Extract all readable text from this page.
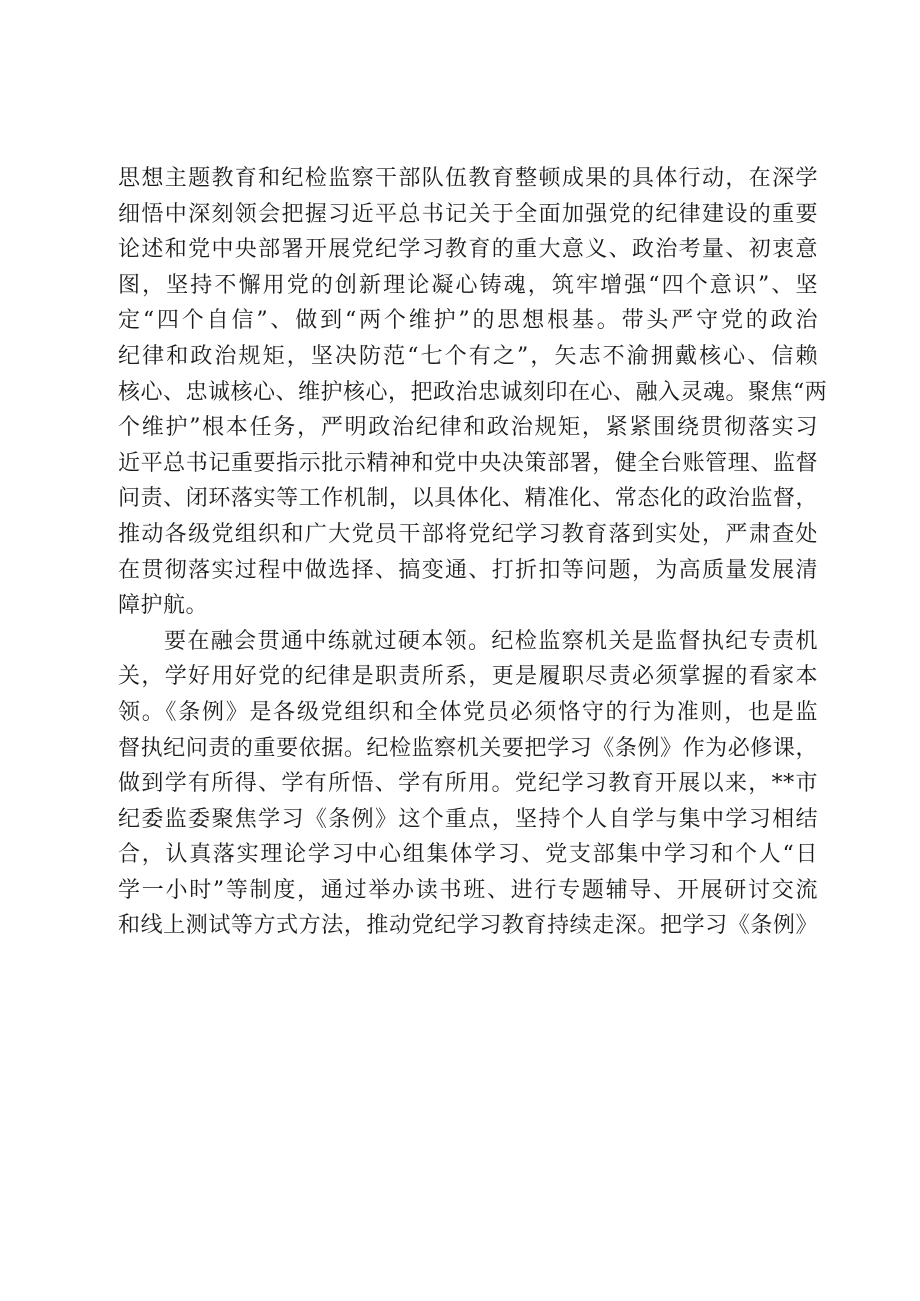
思想主题教育和纪检监察干部队伍教育整顿成果的具体行动，在深学
细悟中深刻领会把握习近平总书记关于全面加强党的纪律建设的重要
论述和党中央部署开展党纪学习教育的重大意义、政治考量、初衷意
图，坚持不懈用党的创新理论凝心铸魂，筑牢增强“四个意识”、坚
定“四个自信”、做到“两个维护”的思想根基。带头严守党的政治
纪律和政治规矩，坚决防范“七个有之”，矢志不渝拥戴核心、信赖
核心、忠诚核心、维护核心，把政治忠诚刻印在心、融入灵魂。聚焦“两
个维护”根本任务，严明政治纪律和政治规矩，紧紧围绕贯彻落实习
近平总书记重要指示批示精神和党中央决策部署，健全台账管理、监督
问责、闭环落实等工作机制，以具体化、精准化、常态化的政治监督，
推动各级党组织和广大党员干部将党纪学习教育落到实处，严肃查处
在贯彻落实过程中做选择、搞变通、打折扣等问题，为高质量发展清
障护航。
要在融会贯通中练就过硬本领。纪检监察机关是监督执纪专责机
关，学好用好党的纪律是职责所系，更是履职尽责必须掌握的看家本
领。《条例》是各级党组织和全体党员必须恪守的行为准则，也是监
督执纪问责的重要依据。纪检监察机关要把学习《条例》作为必修课，
做到学有所得、学有所悟、学有所用。党纪学习教育开展以来，**市
纪委监委聚焦学习《条例》这个重点，坚持个人自学与集中学习相结
合，认真落实理论学习中心组集体学习、党支部集中学习和个人“日
学一小时”等制度，通过举办读书班、进行专题辅导、开展研讨交流
和线上测试等方式方法，推动党纪学习教育持续走深。把学习《条例》
